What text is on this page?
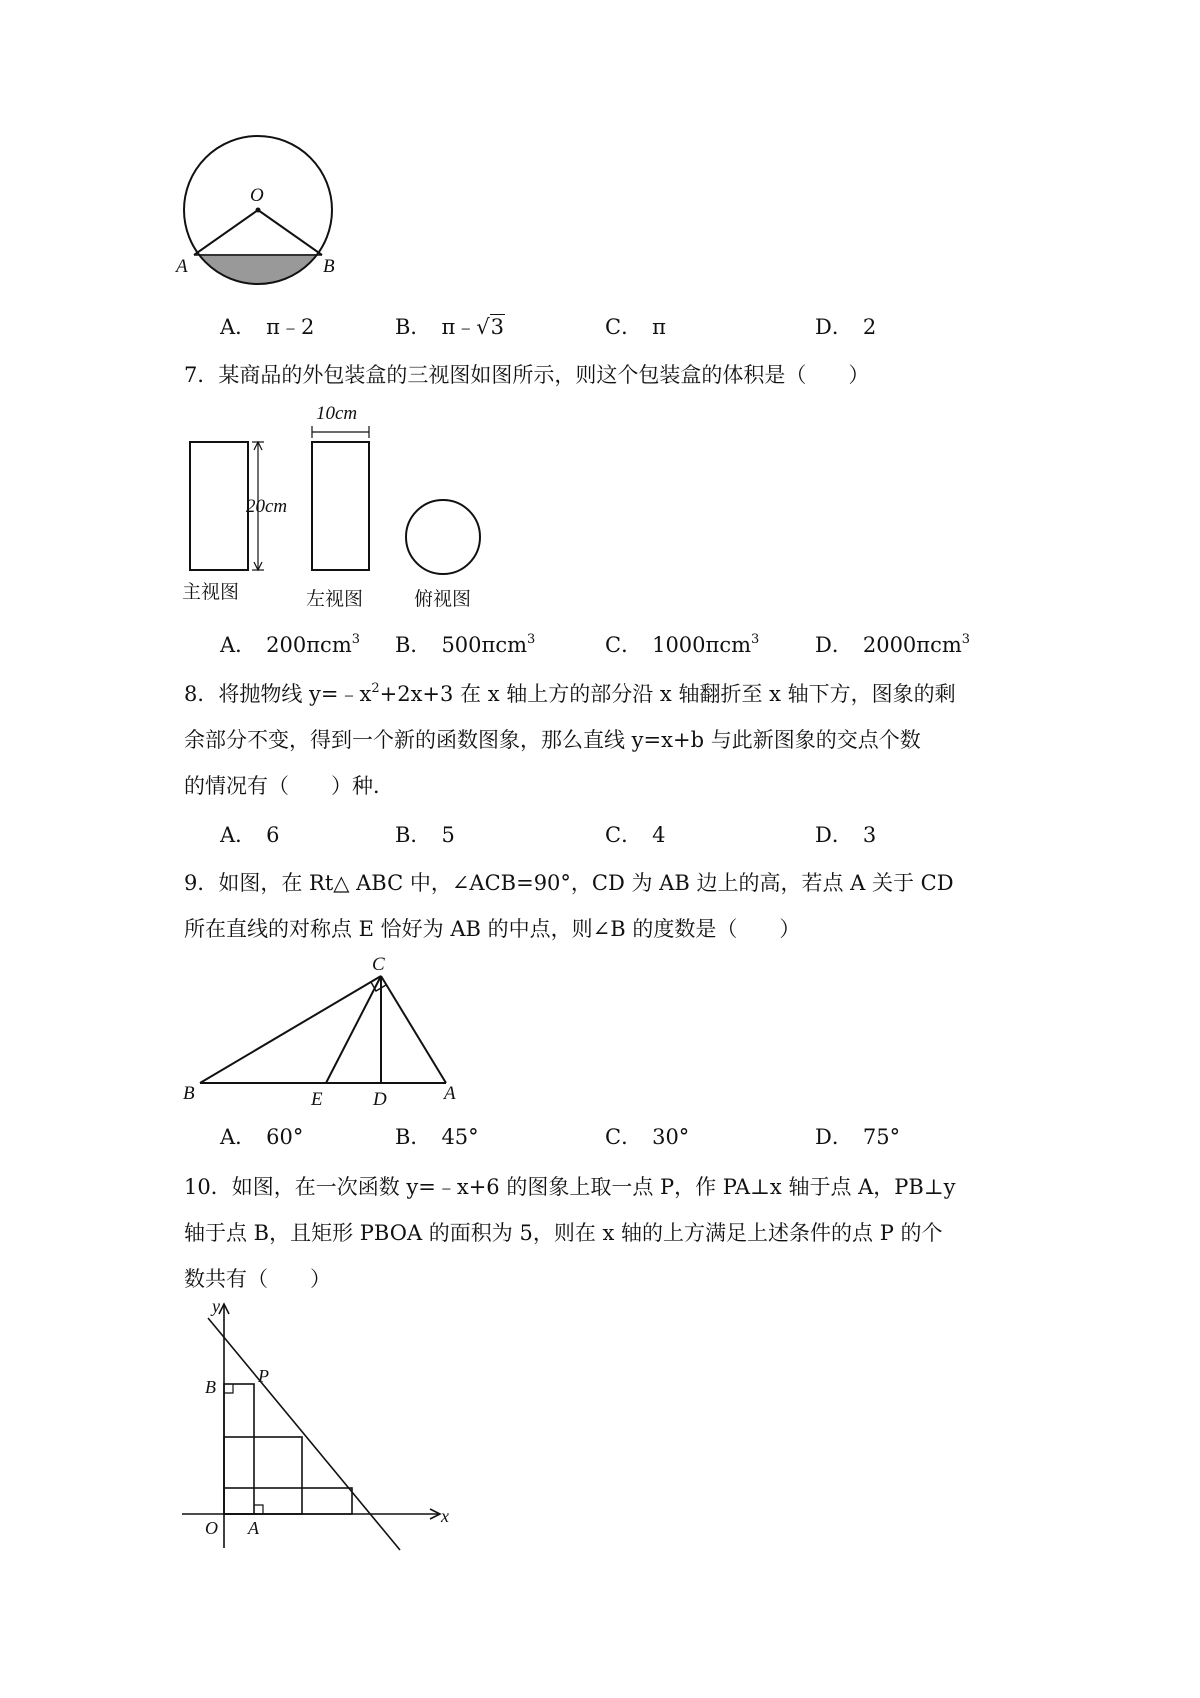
O
A	B
A． π﹣2	B． π﹣√3	C． π	D． 2
7．某商品的外包装盒的三视图如图所示，则这个包装盒的体积是（　　）
20cm
10cm
主视图	左视图	俯视图
A． 200πcm$^3$ B． 500πcm$^3$	C． 1000πcm$^3$	D． 2000πcm$^3$
8．将抛物线 $y=﹣x^2+2x+3$ 在 x 轴上方的部分沿 x 轴翻折至 x 轴下方，图象的剩
余部分不变，得到一个新的函数图象，那么直线 y=x+b 与此新图象的交点个数
的情况有（　　）种．
A． 6	B． 5	C． 4	D． 3
9．如图，在 Rt△ ABC 中，∠ACB=90°，CD 为 AB 边上的高，若点 A 关于 CD
所在直线的对称点 E 恰好为 AB 的中点，则∠B 的度数是（　　）
C
B	E	D	A
A． 60°	B． 45°	C． 30°	D． 75°
10．如图，在一次函数 y=﹣x+6 的图象上取一点 P，作 PA⊥x 轴于点 A，PB⊥y
轴于点 B，且矩形 PBOA 的面积为 5，则在 x 轴的上方满足上述条件的点 P 的个
数共有（　　）
y
x
B
P
O A
